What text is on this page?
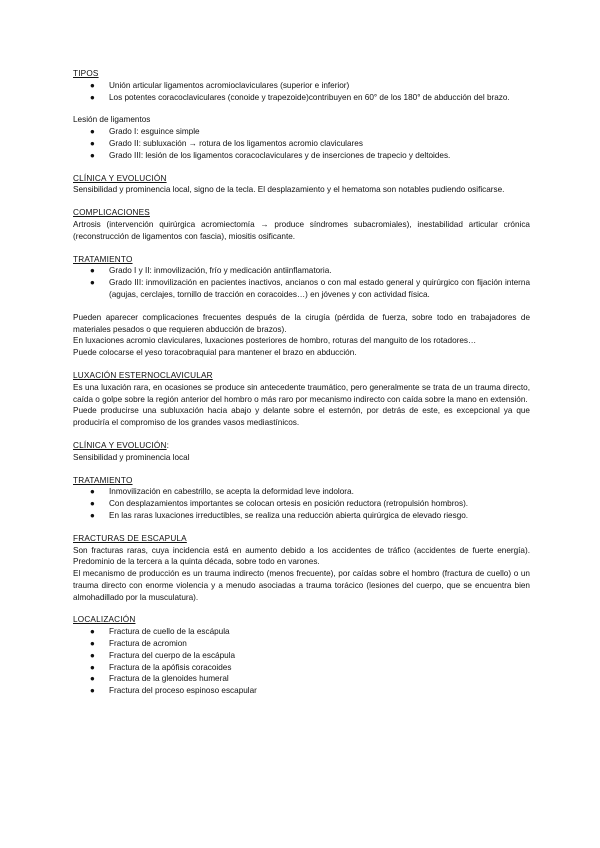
TIPOS
● Unión articular ligamentos acromioclaviculares (superior e inferior)
● Los potentes coracoclaviculares (conoide y trapezoide)contribuyen en 60° de los 180° de abducción del brazo.
Lesión de ligamentos
● Grado I: esguince simple
● Grado II: subluxación → rotura de los ligamentos acromio claviculares
● Grado III: lesión de los ligamentos coracoclaviculares y de inserciones de trapecio y deltoides.
CLÍNICA Y EVOLUCIÓN

Sensibilidad y prominencia local, signo de la tecla. El desplazamiento y el hematoma son notables pudiendo osificarse.

COMPLICACIONES

Artrosis (intervención quirúrgica acromiectomía → produce síndromes subacromiales), inestabilidad articular crónica (reconstrucción de ligamentos con fascia), miositis osificante.

TRATAMIENTO
● Grado I y II: inmovilización, frío y medicación antiinflamatoria.
● Grado III: inmovilización en pacientes inactivos, ancianos o con mal estado general y quirúrgico con fijación interna (agujas, cerclajes, tornillo de tracción en coracoides…) en jóvenes y con actividad física.

Pueden aparecer complicaciones frecuentes después de la cirugía (pérdida de fuerza, sobre todo en trabajadores de materiales pesados o que requieren abducción de brazos).

En luxaciones acromio claviculares, luxaciones posteriores de hombro, roturas del manguito de los rotadores…

Puede colocarse el yeso toracobraquial para mantener el brazo en abducción.

LUXACIÓN ESTERNOCLAVICULAR

Es una luxación rara, en ocasiones se produce sin antecedente traumático, pero generalmente se trata de un trauma directo, caída o golpe sobre la región anterior del hombro o más raro por mecanismo indirecto con caída sobre la mano en extensión.

Puede producirse una subluxación hacia abajo y delante sobre el esternón, por detrás de este, es excepcional ya que produciría el compromiso de los grandes vasos mediastínicos.

CLÍNICA Y EVOLUCIÓN:

Sensibilidad y prominencia local

TRATAMIENTO
● Inmovilización en cabestrillo, se acepta la deformidad leve indolora.
● Con desplazamientos importantes se colocan ortesis en posición reductora (retropulsión hombros).
● En las raras luxaciones irreductibles, se realiza una reducción abierta quirúrgica de elevado riesgo.
FRACTURAS DE ESCAPULA

Son fracturas raras, cuya incidencia está en aumento debido a los accidentes de tráfico (accidentes de fuerte energía). Predominio de la tercera a la quinta década, sobre todo en varones.

El mecanismo de producción es un trauma indirecto (menos frecuente), por caídas sobre el hombro (fractura de cuello) o un trauma directo con enorme violencia y a menudo asociadas a trauma torácico (lesiones del cuerpo, que se encuentra bien almohadillado por la musculatura).

LOCALIZACIÓN
● Fractura de cuello de la escápula
● Fractura de acromion
● Fractura del cuerpo de la escápula
● Fractura de la apófisis coracoides
● Fractura de la glenoides humeral
● Fractura del proceso espinoso escapular
